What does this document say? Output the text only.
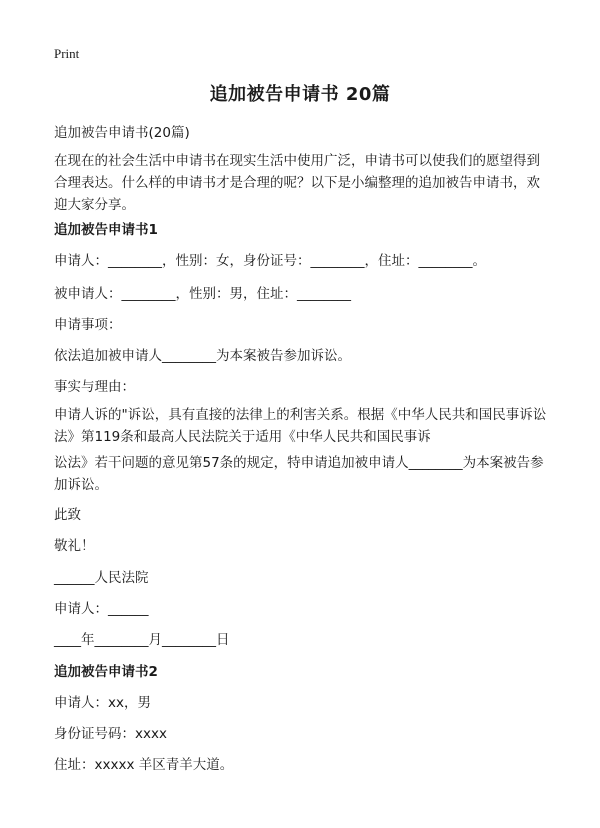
Print
追加被告申请书 20篇
追加被告申请书(20篇)
在现在的社会生活中申请书在现实生活中使用广泛，申请书可以使我们的愿望得到合理表达。什么样的申请书才是合理的呢？以下是小编整理的追加被告申请书，欢迎大家分享。
追加被告申请书1
申请人：________，性别：女，身份证号：________，住址：________。
被申请人：________，性别：男，住址：________
申请事项：
依法追加被申请人________为本案被告参加诉讼。
事实与理由：
申请人诉的"诉讼，具有直接的法律上的利害关系。根据《中华人民共和国民事诉讼法》第119条和最高人民法院关于适用《中华人民共和国民事诉
讼法》若干问题的意见第57条的规定，特申请追加被申请人________为本案被告参加诉讼。
此致
敬礼！
______人民法院
申请人：______
____年________月________日
追加被告申请书2
申请人：xx，男
身份证号码：xxxx
住址：xxxxx 羊区青羊大道。
